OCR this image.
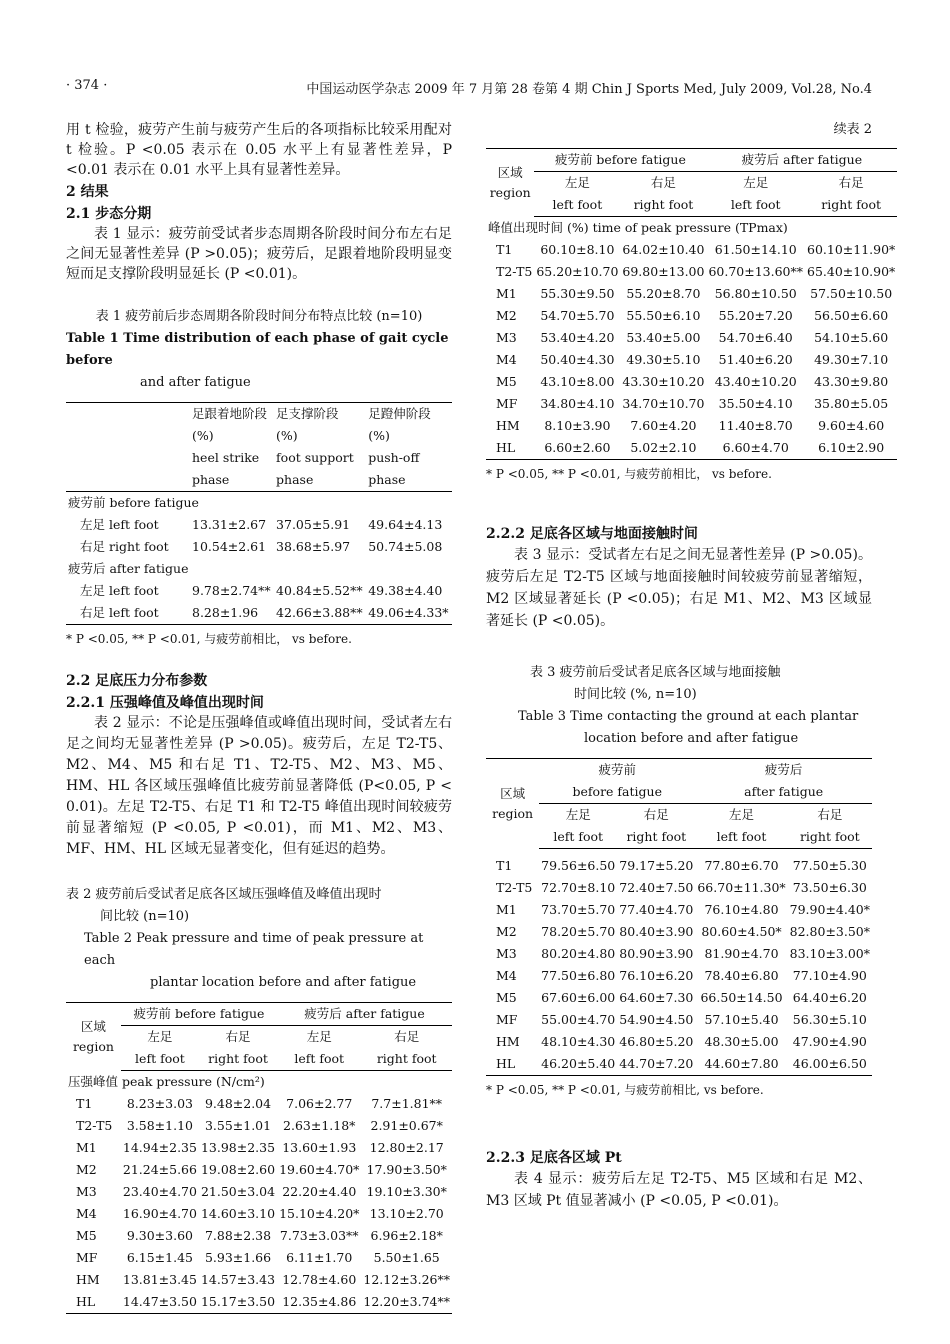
· 374 ·	中国运动医学杂志 2009 年 7 月第 28 卷第 4 期 Chin J Sports Med, July 2009, Vol.28, No.4

用 t 检验，疲劳产生前与疲劳产生后的各项指标比较采用配对 t 检验。P <0.05 表示在 0.05 水平上有显著性差异，P <0.01 表示在 0.01 水平上具有显著性差异。

2 结果

2.1 步态分期

表 1 显示：疲劳前受试者步态周期各阶段时间分布左右足之间无显著性差异 (P >0.05)；疲劳后，足跟着地阶段明显变短而足支撑阶段明显延长 (P <0.01)。

表 1 疲劳前后步态周期各阶段时间分布特点比较 (n=10)
Table 1 Time distribution of each phase of gait cycle before
and after fatigue
	足跟着地阶段	足支撑阶段	足蹬伸阶段
	(%)	(%)	(%)
	heel strike	foot support	push-off
	phase	phase	phase
疲劳前 before fatigue			
左足 left foot	13.31±2.67	37.05±5.91	49.64±4.13
右足 right foot	10.54±2.61	38.68±5.97	50.74±5.08
疲劳后 after fatigue			
左足 left foot	9.78±2.74**	40.84±5.52**	49.38±4.40
右足 left foot	8.28±1.96	42.66±3.88**	49.06±4.33*
* P <0.05, ** P <0.01, 与疲劳前相比， vs before.

2.2 足底压力分布参数

2.2.1 压强峰值及峰值出现时间

表 2 显示：不论是压强峰值或峰值出现时间，受试者左右足之间均无显著性差异 (P >0.05)。疲劳后，左足 T2-T5、M2、M4、M5 和右足 T1、T2-T5、M2、M3、M5、HM、HL 各区域压强峰值比疲劳前显著降低 (P<0.05, P < 0.01)。左足 T2-T5、右足 T1 和 T2-T5 峰值出现时间较疲劳前显著缩短 (P <0.05, P <0.01)，而 M1、M2、M3、MF、HM、HL 区域无显著变化，但有延迟的趋势。

表 2 疲劳前后受试者足底各区域压强峰值及峰值出现时
间比较 (n=10)
Table 2 Peak pressure and time of peak pressure at each
plantar location before and after fatigue
区域
region	疲劳前 before fatigue		疲劳后 after fatigue	
	左足	右足	左足	右足
	left foot	right foot	left foot	right foot
压强峰值 peak pressure (N/cm²)				
T1	8.23±3.03	9.48±2.04	7.06±2.77	7.7±1.81**
T2-T5	3.58±1.10	3.55±1.01	2.63±1.18*	2.91±0.67*
M1	14.94±2.35	13.98±2.35	13.60±1.93	12.80±2.17
M2	21.24±5.66	19.08±2.60	19.60±4.70*	17.90±3.50*
M3	23.40±4.70	21.50±3.04	22.20±4.40	19.10±3.30*
M4	16.90±4.70	14.60±3.10	15.10±4.20*	13.10±2.70
M5	9.30±3.60	7.88±2.38	7.73±3.03**	6.96±2.18*
MF	6.15±1.45	5.93±1.66	6.11±1.70	5.50±1.65
HM	13.81±3.45	14.57±3.43	12.78±4.60	12.12±3.26**
HL	14.47±3.50	15.17±3.50	12.35±4.86	12.20±3.74**
续表 2
区域
region	疲劳前 before fatigue		疲劳后 after fatigue	
	左足	右足	左足	右足
	left foot	right foot	left foot	right foot
峰值出现时间 (%) time of peak pressure (TPmax)				
T1	60.10±8.10	64.02±10.40	61.50±14.10	60.10±11.90*
T2-T5	65.20±10.70	69.80±13.00	60.70±13.60**	65.40±10.90*
M1	55.30±9.50	55.20±8.70	56.80±10.50	57.50±10.50
M2	54.70±5.70	55.50±6.10	55.20±7.20	56.50±6.60
M3	53.40±4.20	53.40±5.00	54.70±6.40	54.10±5.60
M4	50.40±4.30	49.30±5.10	51.40±6.20	49.30±7.10
M5	43.10±8.00	43.30±10.20	43.40±10.20	43.30±9.80
MF	34.80±4.10	34.70±10.70	35.50±4.10	35.80±5.05
HM	8.10±3.90	7.60±4.20	11.40±8.70	9.60±4.60
HL	6.60±2.60	5.02±2.10	6.60±4.70	6.10±2.90
* P <0.05, ** P <0.01, 与疲劳前相比， vs before.

2.2.2 足底各区域与地面接触时间

表 3 显示：受试者左右足之间无显著性差异 (P >0.05)。疲劳后左足 T2-T5 区域与地面接触时间较疲劳前显著缩短，M2 区域显著延长 (P <0.05)；右足 M1、M2、M3 区域显著延长 (P <0.05)。

表 3 疲劳前后受试者足底各区域与地面接触
时间比较 (%, n=10)
Table 3 Time contacting the ground at each plantar
location before and after fatigue
区域
region	疲劳前		疲劳后	
	before fatigue		after fatigue	
	左足	右足	左足	右足
	left foot	right foot	left foot	right foot

T1	79.56±6.50	79.17±5.20	77.80±6.70	77.50±5.30
T2-T5	72.70±8.10	72.40±7.50	66.70±11.30*	73.50±6.30
M1	73.70±5.70	77.40±4.70	76.10±4.80	79.90±4.40*
M2	78.20±5.70	80.40±3.90	80.60±4.50*	82.80±3.50*
M3	80.20±4.80	80.90±3.90	81.90±4.70	83.10±3.00*
M4	77.50±6.80	76.10±6.20	78.40±6.80	77.10±4.90
M5	67.60±6.00	64.60±7.30	66.50±14.50	64.40±6.20
MF	55.00±4.70	54.90±4.50	57.10±5.40	56.30±5.10
HM	48.10±4.30	46.80±5.20	48.30±5.00	47.90±4.90
HL	46.20±5.40	44.70±7.20	44.60±7.80	46.00±6.50
* P <0.05, ** P <0.01, 与疲劳前相比, vs before.

2.2.3 足底各区域 Pt

表 4 显示：疲劳后左足 T2-T5、M5 区域和右足 M2、M3 区域 Pt 值显著减小 (P <0.05, P <0.01)。
